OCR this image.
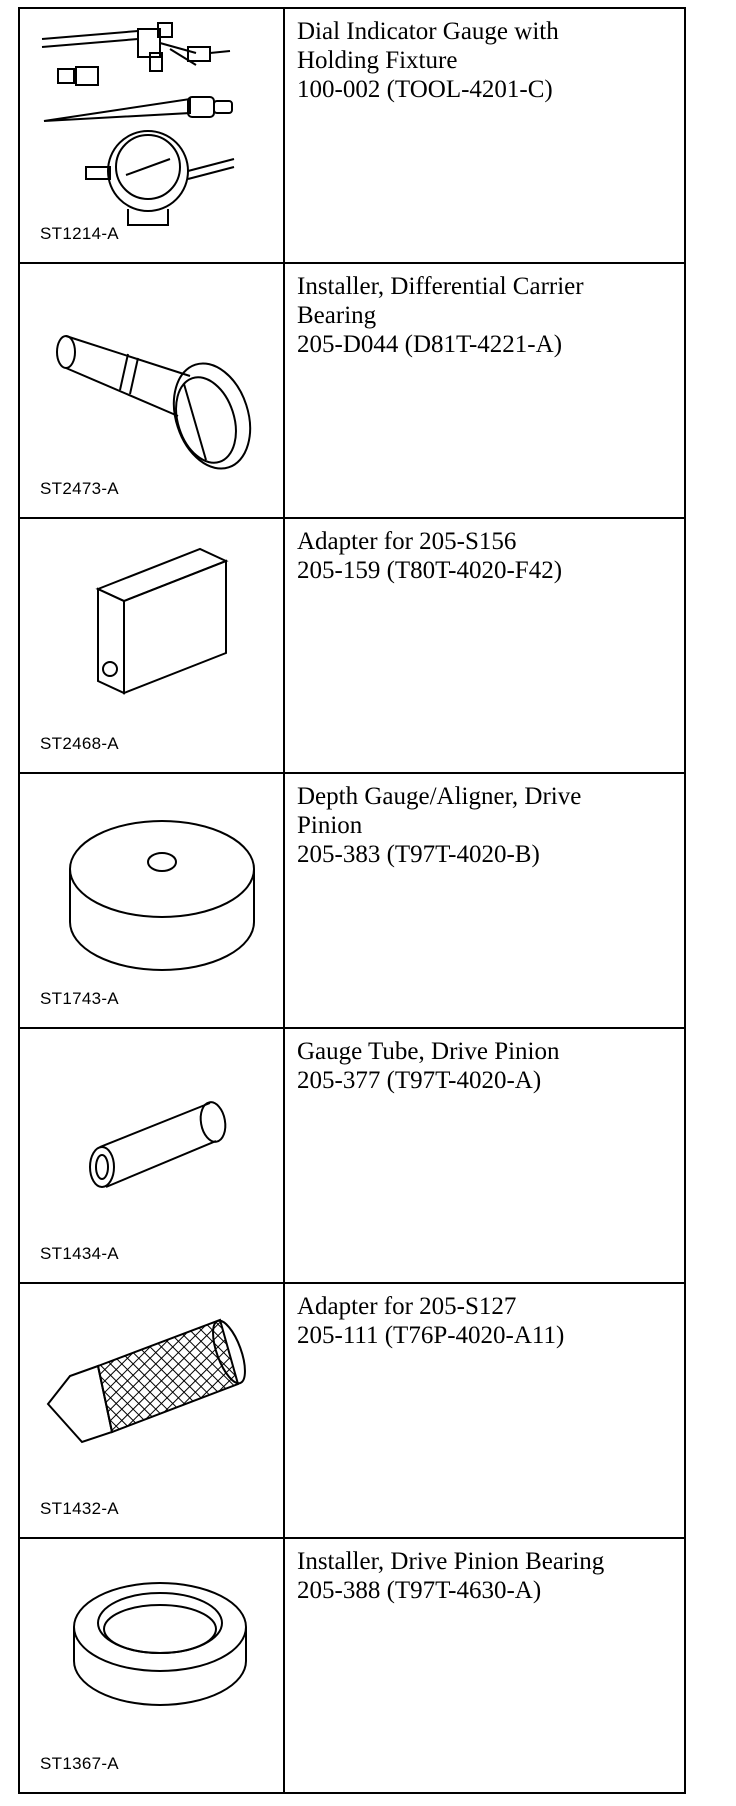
ST1214-A	Dial Indicator Gauge with
Holding Fixture
100-002 (TOOL-4201-C)

ST2473-A	Installer, Differential Carrier
Bearing
205-D044 (D81T-4221-A)

ST2468-A	Adapter for 205-S156
205-159 (T80T-4020-F42)

ST1743-A	Depth Gauge/Aligner, Drive
Pinion
205-383 (T97T-4020-B)

ST1434-A	Gauge Tube, Drive Pinion
205-377 (T97T-4020-A)

ST1432-A	Adapter for 205-S127
205-111 (T76P-4020-A11)

ST1367-A	Installer, Drive Pinion Bearing
205-388 (T97T-4630-A)
